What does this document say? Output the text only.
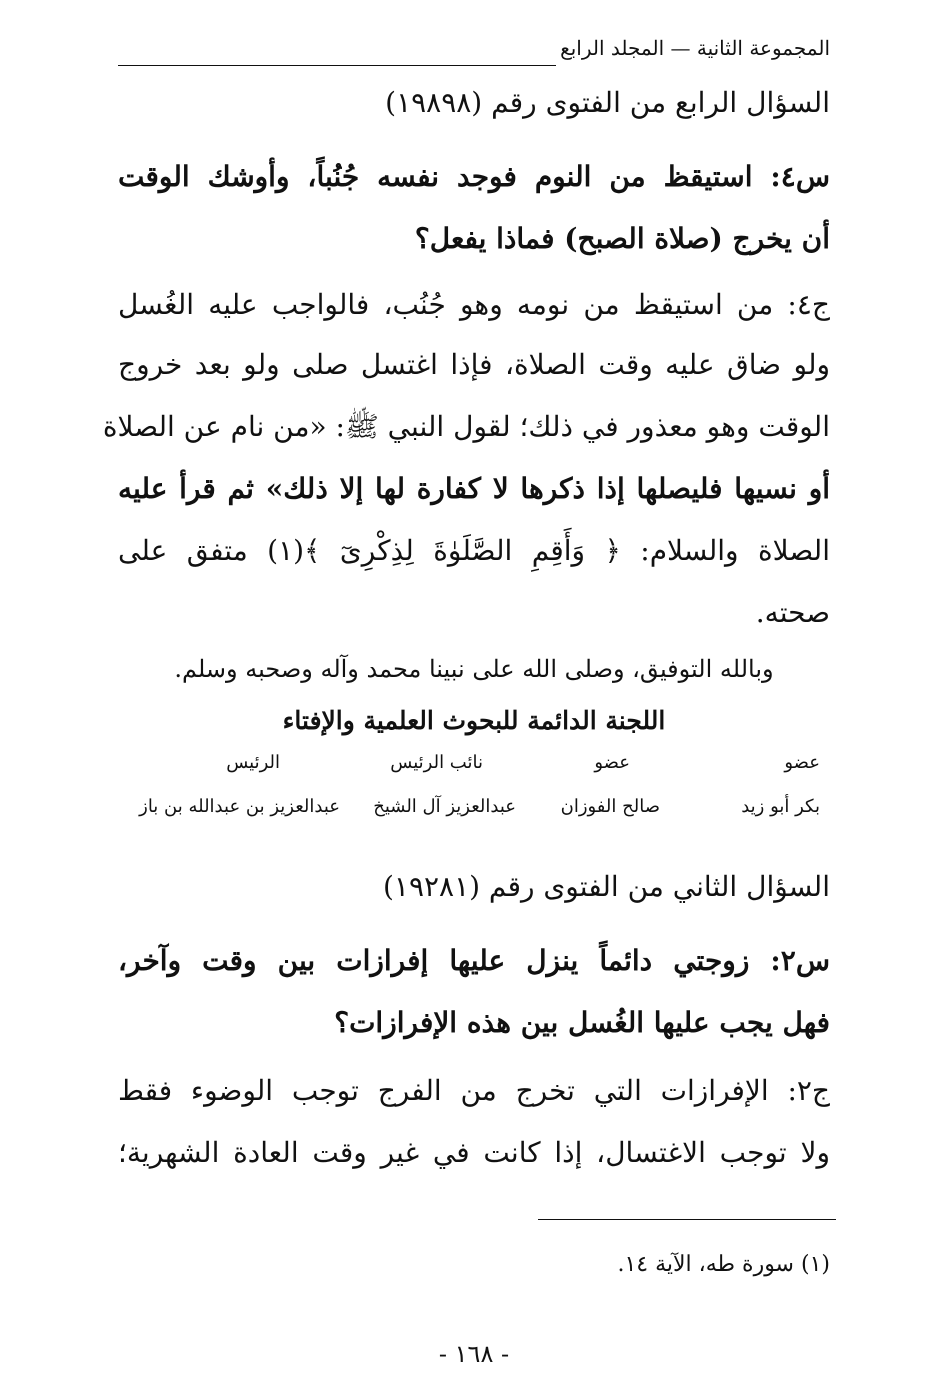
المجموعة الثانية — المجلد الرابع
السؤال الرابع من الفتوى رقم (١٩٨٩٨)
س٤: استيقظ من النوم فوجد نفسه جُنُباً، وأوشك الوقت
أن يخرج (صلاة الصبح) فماذا يفعل؟
ج٤: من استيقظ من نومه وهو جُنُب، فالواجب عليه الغُسل
ولو ضاق عليه وقت الصلاة، فإذا اغتسل صلى ولو بعد خروج
الوقت وهو معذور في ذلك؛ لقول النبي ﷺ: «من نام عن الصلاة
أو نسيها فليصلها إذا ذكرها لا كفارة لها إلا ذلك» ثم قرأ عليه
الصلاة والسلام: ﴿ وَأَقِمِ الصَّلَوٰةَ لِذِكْرِىٓ ﴾(١) متفق على
صحته.
وبالله التوفيق، وصلى الله على نبينا محمد وآله وصحبه وسلم.
اللجنة الدائمة للبحوث العلمية والإفتاء
عضو
عضو
نائب الرئيس
الرئيس
بكر أبو زيد
صالح الفوزان
عبدالعزيز آل الشيخ
عبدالعزيز بن عبدالله بن باز
السؤال الثاني من الفتوى رقم (١٩٢٨١)
س٢: زوجتي دائماً ينزل عليها إفرازات بين وقت وآخر،
فهل يجب عليها الغُسل بين هذه الإفرازات؟
ج٢: الإفرازات التي تخرج من الفرج توجب الوضوء فقط
ولا توجب الاغتسال، إذا كانت في غير وقت العادة الشهرية؛
(١) سورة طه، الآية ١٤.
- ١٦٨ -
